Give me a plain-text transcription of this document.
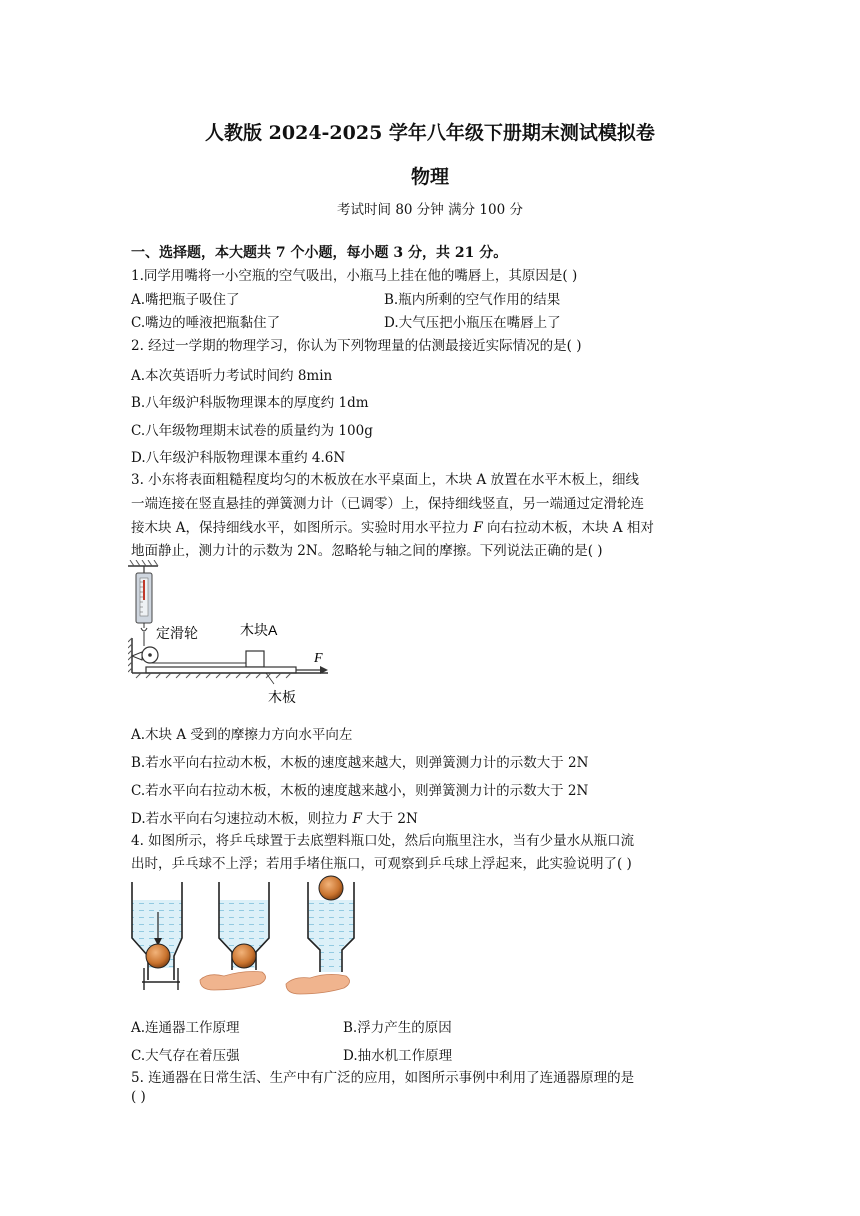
人教版 2024-2025 学年八年级下册期末测试模拟卷
物理
考试时间 80 分钟 满分 100 分
一、选择题，本大题共 7 个小题，每小题 3 分，共 21 分。
1.同学用嘴将一小空瓶的空气吸出，小瓶马上挂在他的嘴唇上，其原因是( )
A.嘴把瓶子吸住了	B.瓶内所剩的空气作用的结果
C.嘴边的唾液把瓶黏住了	D.大气压把小瓶压在嘴唇上了
2. 经过一学期的物理学习，你认为下列物理量的估测最接近实际情况的是( )
A.本次英语听力考试时间约 8min
B.八年级沪科版物理课本的厚度约 1dm
C.八年级物理期末试卷的质量约为 100g
D.八年级沪科版物理课本重约 4.6N
3. 小东将表面粗糙程度均匀的木板放在水平桌面上，木块 A 放置在水平木板上，细线
一端连接在竖直悬挂的弹簧测力计（已调零）上，保持细线竖直，另一端通过定滑轮连
接木块 A，保持细线水平，如图所示。实验时用水平拉力 F 向右拉动木板，木块 A 相对
地面静止，测力计的示数为 2N。忽略轮与轴之间的摩擦。下列说法正确的是( )
定滑轮	木块A
F
木板
A.木块 A 受到的摩擦力方向水平向左
B.若水平向右拉动木板，木板的速度越来越大，则弹簧测力计的示数大于 2N
C.若水平向右拉动木板，木板的速度越来越小，则弹簧测力计的示数大于 2N
D.若水平向右匀速拉动木板，则拉力 F 大于 2N
4. 如图所示，将乒乓球置于去底塑料瓶口处，然后向瓶里注水，当有少量水从瓶口流
出时，乒乓球不上浮；若用手堵住瓶口，可观察到乒乓球上浮起来，此实验说明了( )
A.连通器工作原理	B.浮力产生的原因
C.大气存在着压强	D.抽水机工作原理
5. 连通器在日常生活、生产中有广泛的应用，如图所示事例中利用了连通器原理的是
( )
